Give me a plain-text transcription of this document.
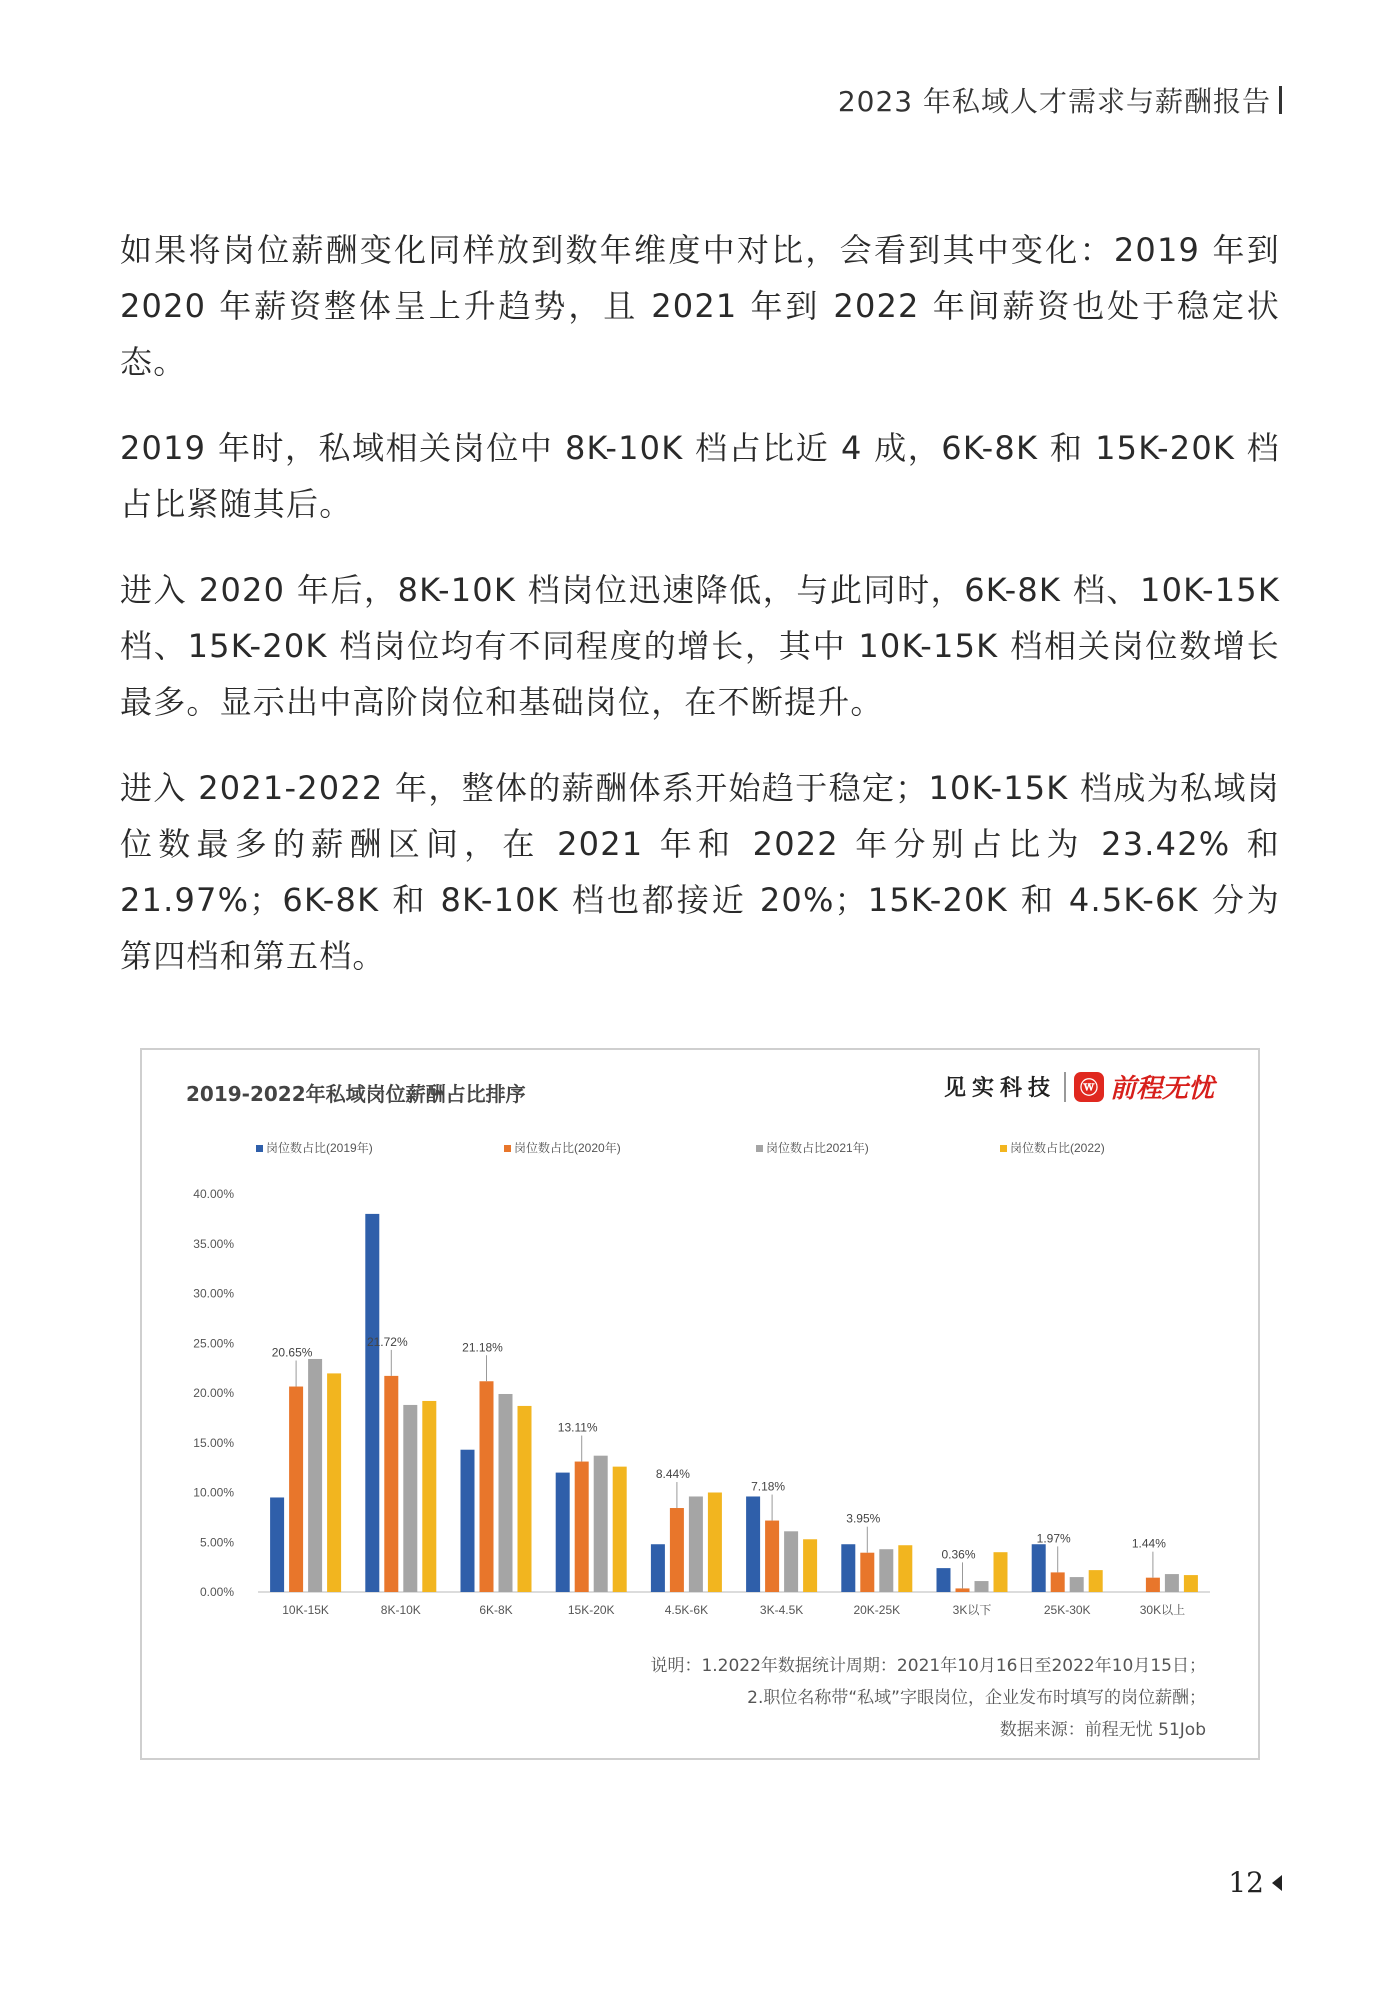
2023 年私域人才需求与薪酬报告

如果将岗位薪酬变化同样放到数年维度中对比，会看到其中变化：2019 年到 2020 年薪资整体呈上升趋势，且 2021 年到 2022 年间薪资也处于稳定状态。

2019 年时，私域相关岗位中 8K-10K 档占比近 4 成，6K-8K 和 15K-20K 档占比紧随其后。

进入 2020 年后，8K-10K 档岗位迅速降低，与此同时，6K-8K 档、10K-15K 档、15K-20K 档岗位均有不同程度的增长，其中 10K-15K 档相关岗位数增长最多。显示出中高阶岗位和基础岗位，在不断提升。

进入 2021-2022 年，整体的薪酬体系开始趋于稳定；10K-15K 档成为私域岗位数最多的薪酬区间，在 2021 年和 2022 年分别占比为 23.42% 和 21.97%；6K-8K 和 8K-10K 档也都接近 20%；15K-20K 和 4.5K-6K 分为第四档和第五档。

0.00%
5.00%
10.00%
15.00%
20.00%
25.00%
30.00%
35.00%
40.00%
岗位数占比(2019年)	岗位数占比(2020年)	岗位数占比2021年)	岗位数占比(2022)
20.65%
10K-15K
21.72%
8K-10K
21.18%
6K-8K
13.11%
15K-20K
8.44%
4.5K-6K
7.18%
3K-4.5K
3.95%
20K-25K
0.36%
3K以下
1.97%
25K-30K
1.44%
30K以上
2019-2022年私域岗位薪酬占比排序	见实科技	ⓦ 前程无忧
说明：1.2022年数据统计周期：2021年10月16日至2022年10月15日；
2.职位名称带“私域”字眼岗位，企业发布时填写的岗位薪酬；
数据来源：前程无忧 51Job
12
